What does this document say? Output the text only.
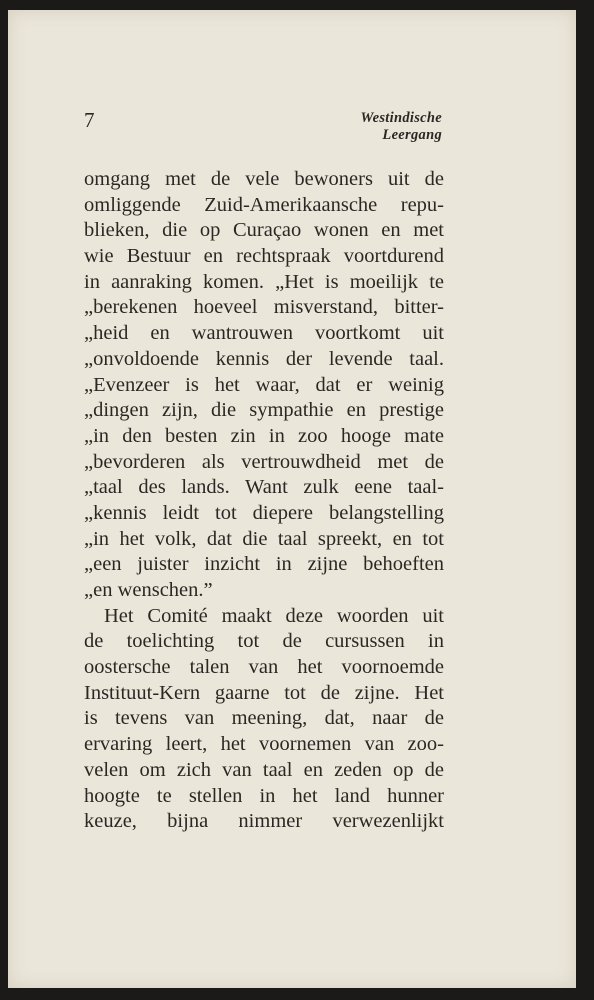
7	Westindische
Leergang
omgang met de vele bewoners uit de
omliggende Zuid-Amerikaansche repu-
blieken, die op Curaçao wonen en met
wie Bestuur en rechtspraak voortdurend
in aanraking komen. „Het is moeilijk te
„berekenen hoeveel misverstand, bitter-
„heid en wantrouwen voortkomt uit
„onvoldoende kennis der levende taal.
„Evenzeer is het waar, dat er weinig
„dingen zijn, die sympathie en prestige
„in den besten zin in zoo hooge mate
„bevorderen als vertrouwdheid met de
„taal des lands. Want zulk eene taal-
„kennis leidt tot diepere belangstelling
„in het volk, dat die taal spreekt, en tot
„een juister inzicht in zijne behoeften
„en wenschen.”
Het Comité maakt deze woorden uit
de toelichting tot de cursussen in
oostersche talen van het voornoemde
Instituut-Kern gaarne tot de zijne. Het
is tevens van meening, dat, naar de
ervaring leert, het voornemen van zoo-
velen om zich van taal en zeden op de
hoogte te stellen in het land hunner
keuze, bijna nimmer verwezenlijkt
